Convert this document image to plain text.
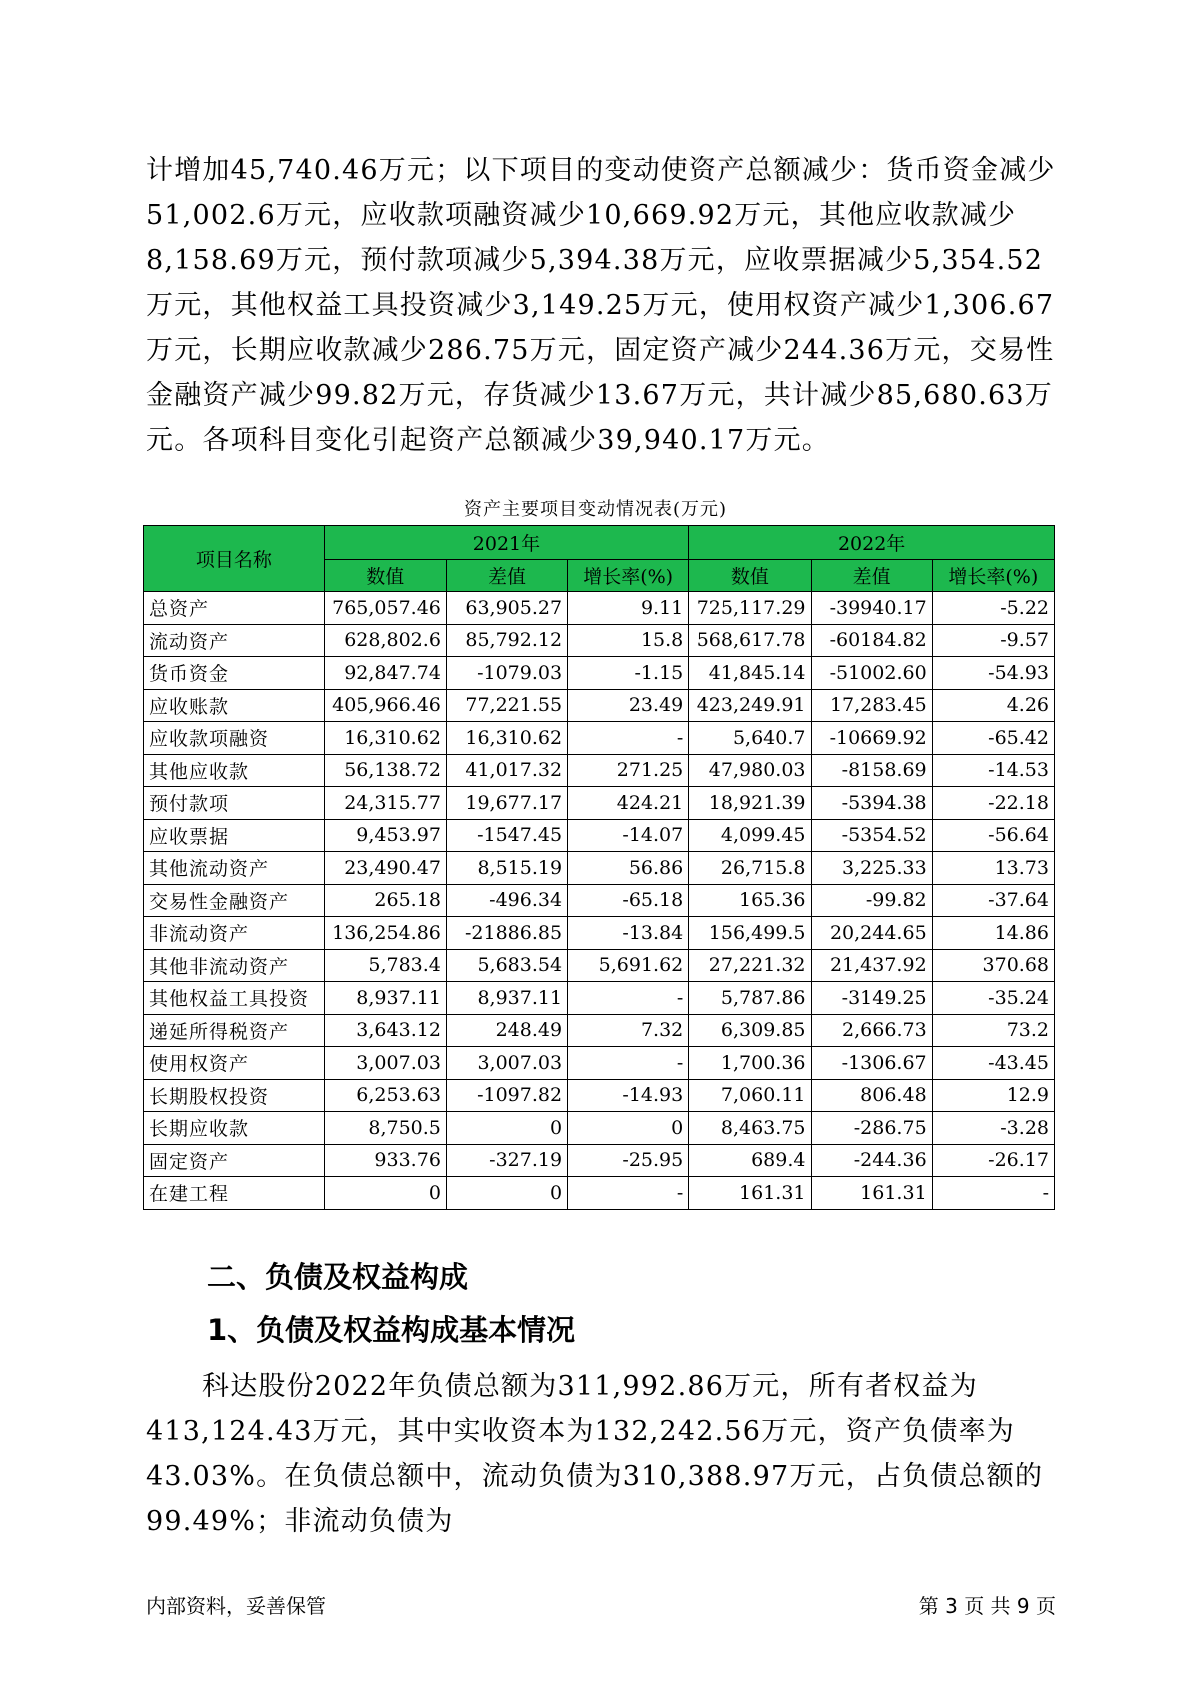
计增加45,740.46万元；以下项目的变动使资产总额减少：货币资金减少51,002.6万元，应收款项融资减少10,669.92万元，其他应收款减少8,158.69万元，预付款项减少5,394.38万元，应收票据减少5,354.52万元，其他权益工具投资减少3,149.25万元，使用权资产减少1,306.67万元，长期应收款减少286.75万元，固定资产减少244.36万元，交易性金融资产减少99.82万元，存货减少13.67万元，共计减少85,680.63万元。各项科目变化引起资产总额减少39,940.17万元。

资产主要项目变动情况表(万元)
项目名称	2021年			2022年		
	数值	差值	增长率(%)	数值	差值	增长率(%)
总资产	765,057.46	63,905.27	9.11	725,117.29	-39940.17	-5.22
流动资产	628,802.6	85,792.12	15.8	568,617.78	-60184.82	-9.57
货币资金	92,847.74	-1079.03	-1.15	41,845.14	-51002.60	-54.93
应收账款	405,966.46	77,221.55	23.49	423,249.91	17,283.45	4.26
应收款项融资	16,310.62	16,310.62	-	5,640.7	-10669.92	-65.42
其他应收款	56,138.72	41,017.32	271.25	47,980.03	-8158.69	-14.53
预付款项	24,315.77	19,677.17	424.21	18,921.39	-5394.38	-22.18
应收票据	9,453.97	-1547.45	-14.07	4,099.45	-5354.52	-56.64
其他流动资产	23,490.47	8,515.19	56.86	26,715.8	3,225.33	13.73
交易性金融资产	265.18	-496.34	-65.18	165.36	-99.82	-37.64
非流动资产	136,254.86	-21886.85	-13.84	156,499.5	20,244.65	14.86
其他非流动资产	5,783.4	5,683.54	5,691.62	27,221.32	21,437.92	370.68
其他权益工具投资	8,937.11	8,937.11	-	5,787.86	-3149.25	-35.24
递延所得税资产	3,643.12	248.49	7.32	6,309.85	2,666.73	73.2
使用权资产	3,007.03	3,007.03	-	1,700.36	-1306.67	-43.45
长期股权投资	6,253.63	-1097.82	-14.93	7,060.11	806.48	12.9
长期应收款	8,750.5	0	0	8,463.75	-286.75	-3.28
固定资产	933.76	-327.19	-25.95	689.4	-244.36	-26.17
在建工程	0	0	-	161.31	161.31	-
二、负债及权益构成
1、负债及权益构成基本情况

科达股份2022年负债总额为311,992.86万元，所有者权益为413,124.43万元，其中实收资本为132,242.56万元，资产负债率为43.03%。在负债总额中，流动负债为310,388.97万元，占负债总额的99.49%；非流动负债为

内部资料，妥善保管	第 3 页 共 9 页
